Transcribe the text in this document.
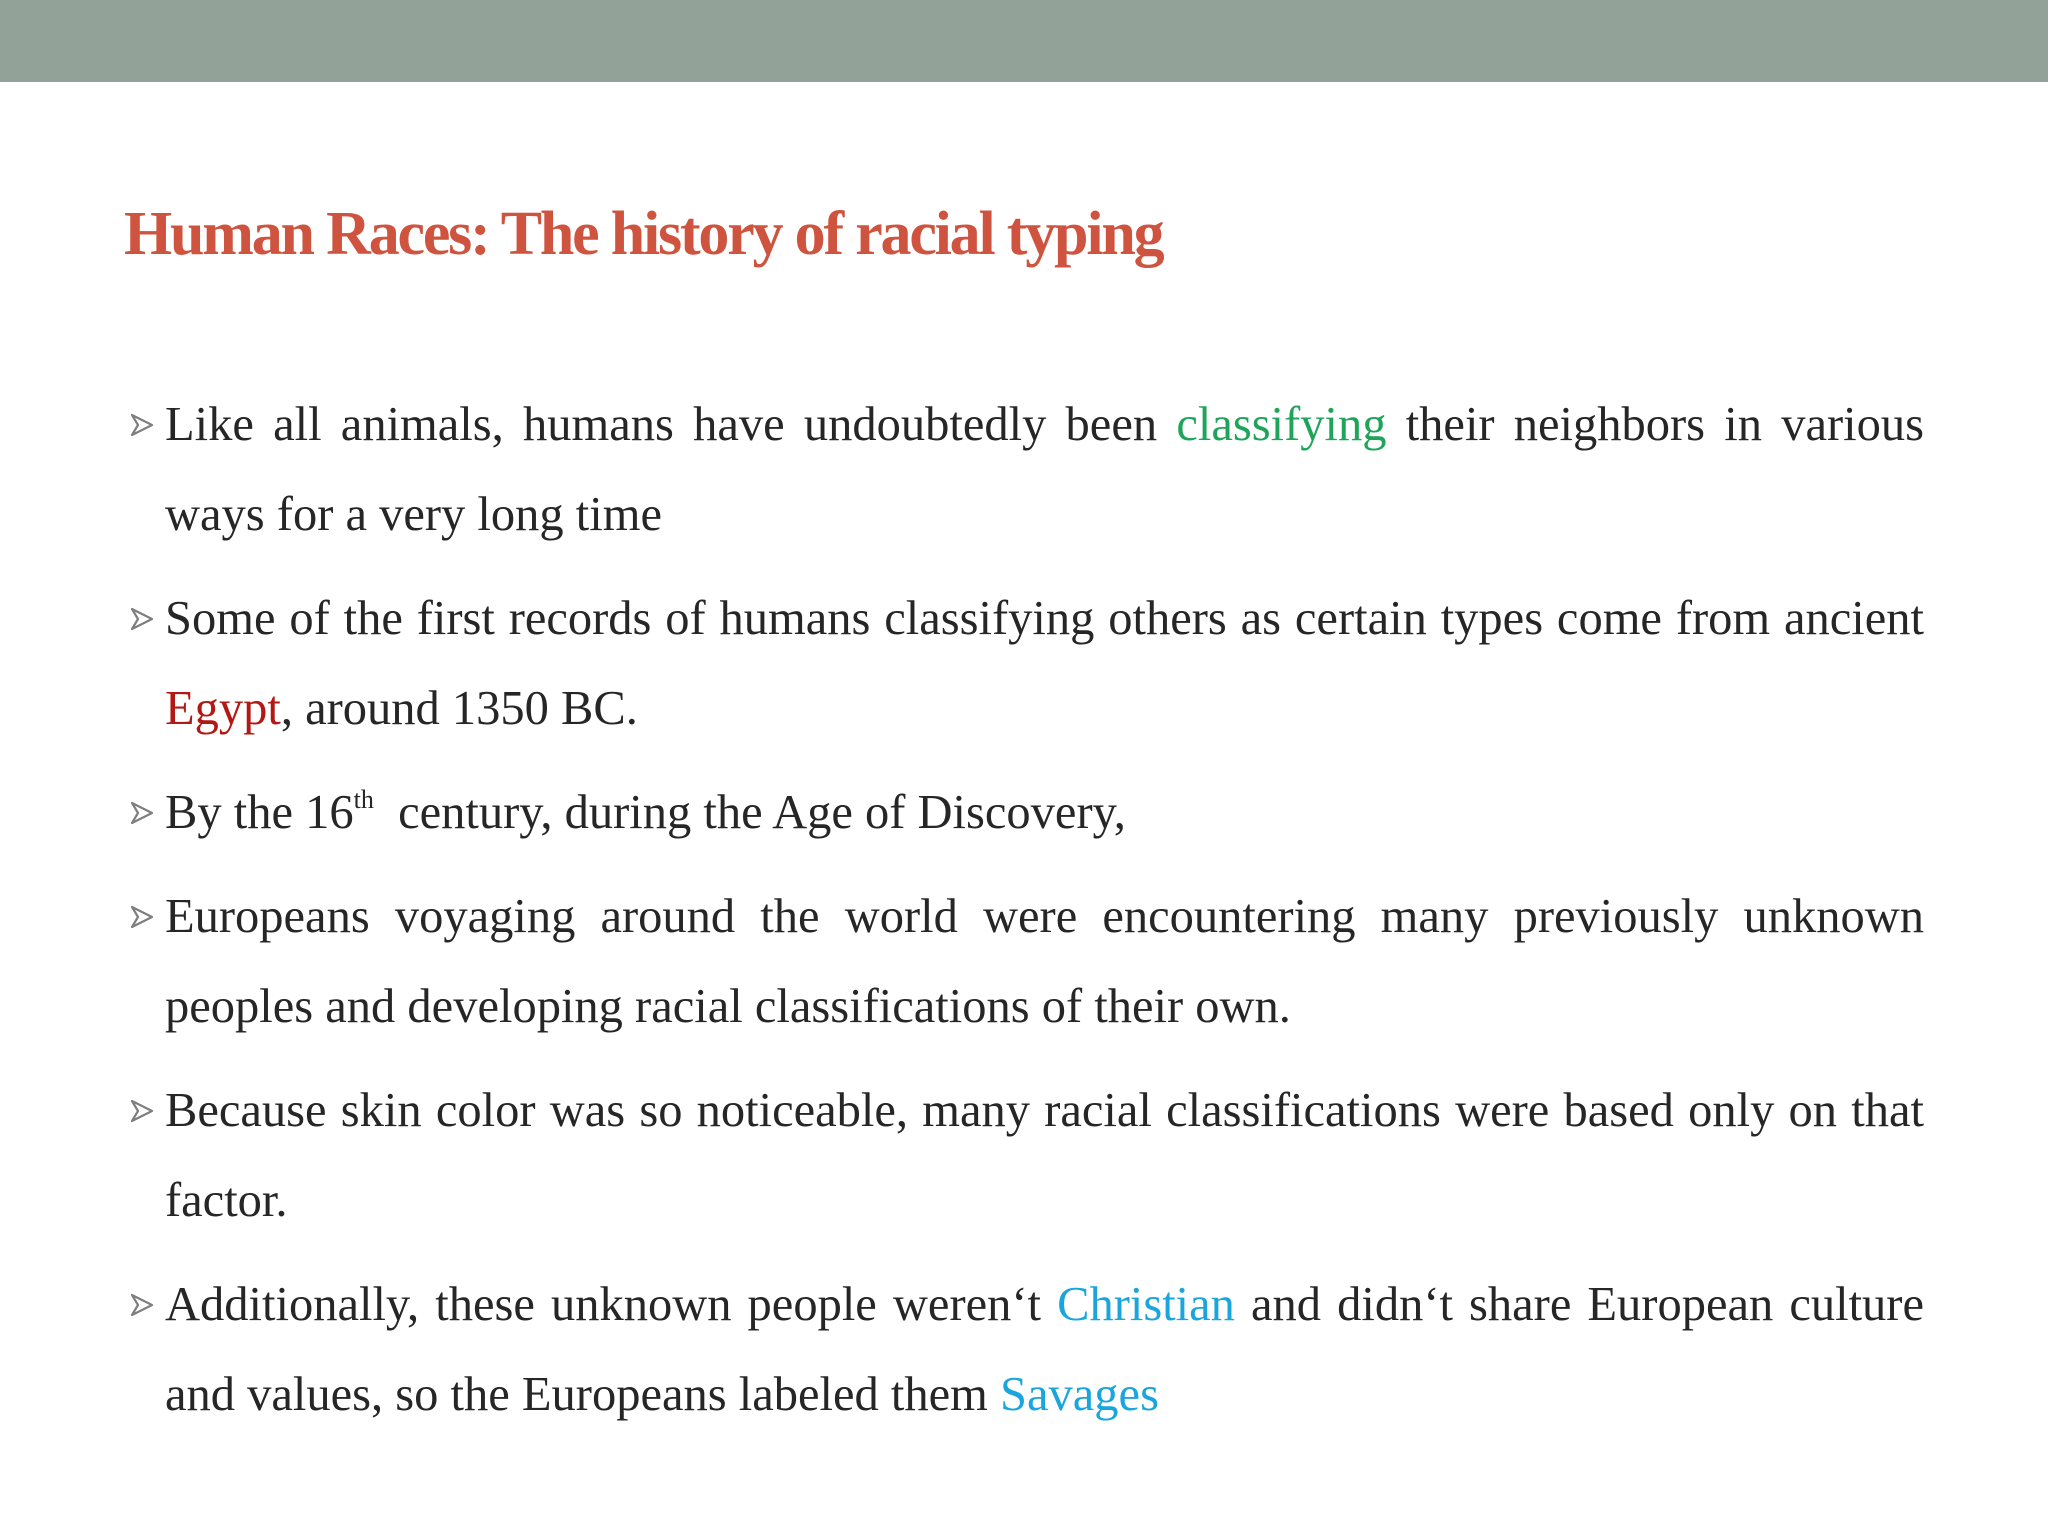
Human Races: The history of racial typing
Like all animals, humans have undoubtedly been classifying their neighbors in various ways for a very long time
Some of the first records of humans classifying others as certain types come from ancient Egypt, around 1350 BC.
By the 16th  century, during the Age of Discovery,
Europeans voyaging around the world were encountering many previously unknown peoples and developing racial classifications of their own.
Because skin color was so noticeable, many racial classifications were based only on that factor.
Additionally, these unknown people weren‘t Christian and didn‘t share European culture and values, so the Europeans labeled them Savages
